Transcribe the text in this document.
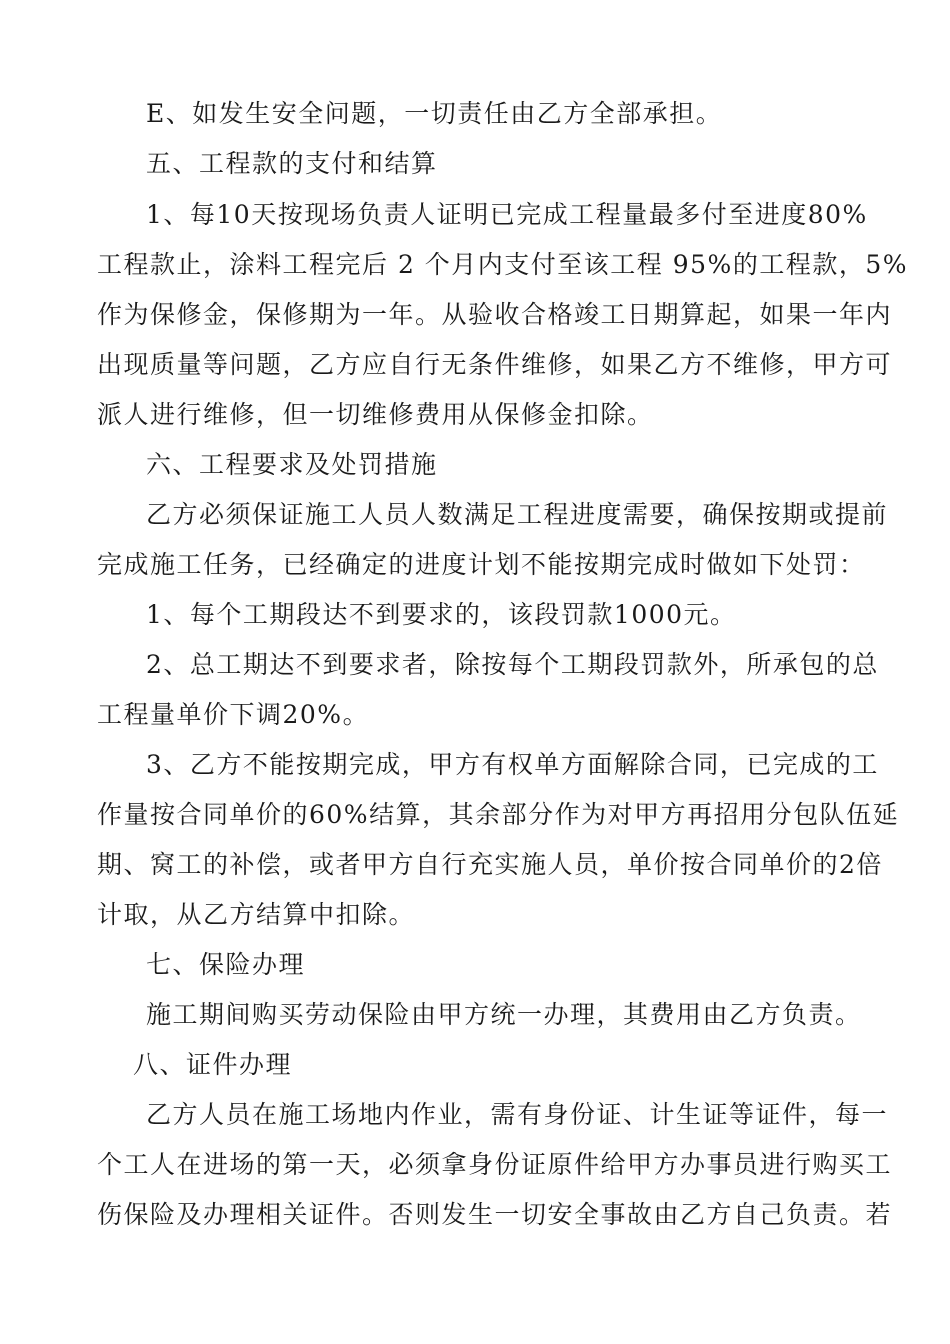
E、如发生安全问题，一切责任由乙方全部承担。
五、工程款的支付和结算
1、每10天按现场负责人证明已完成工程量最多付至进度80%
工程款止，涂料工程完后 2 个月内支付至该工程 95%的工程款，5%
作为保修金，保修期为一年。从验收合格竣工日期算起，如果一年内
出现质量等问题，乙方应自行无条件维修，如果乙方不维修，甲方可
派人进行维修，但一切维修费用从保修金扣除。
六、工程要求及处罚措施
乙方必须保证施工人员人数满足工程进度需要，确保按期或提前
完成施工任务，已经确定的进度计划不能按期完成时做如下处罚：
1、每个工期段达不到要求的，该段罚款1000元。
2、总工期达不到要求者，除按每个工期段罚款外，所承包的总
工程量单价下调20%。
3、乙方不能按期完成，甲方有权单方面解除合同，已完成的工
作量按合同单价的60%结算，其余部分作为对甲方再招用分包队伍延
期、窝工的补偿，或者甲方自行充实施人员，单价按合同单价的2倍
计取，从乙方结算中扣除。
七、保险办理
施工期间购买劳动保险由甲方统一办理，其费用由乙方负责。
八、证件办理
乙方人员在施工场地内作业，需有身份证、计生证等证件，每一
个工人在进场的第一天，必须拿身份证原件给甲方办事员进行购买工
伤保险及办理相关证件。否则发生一切安全事故由乙方自己负责。若
